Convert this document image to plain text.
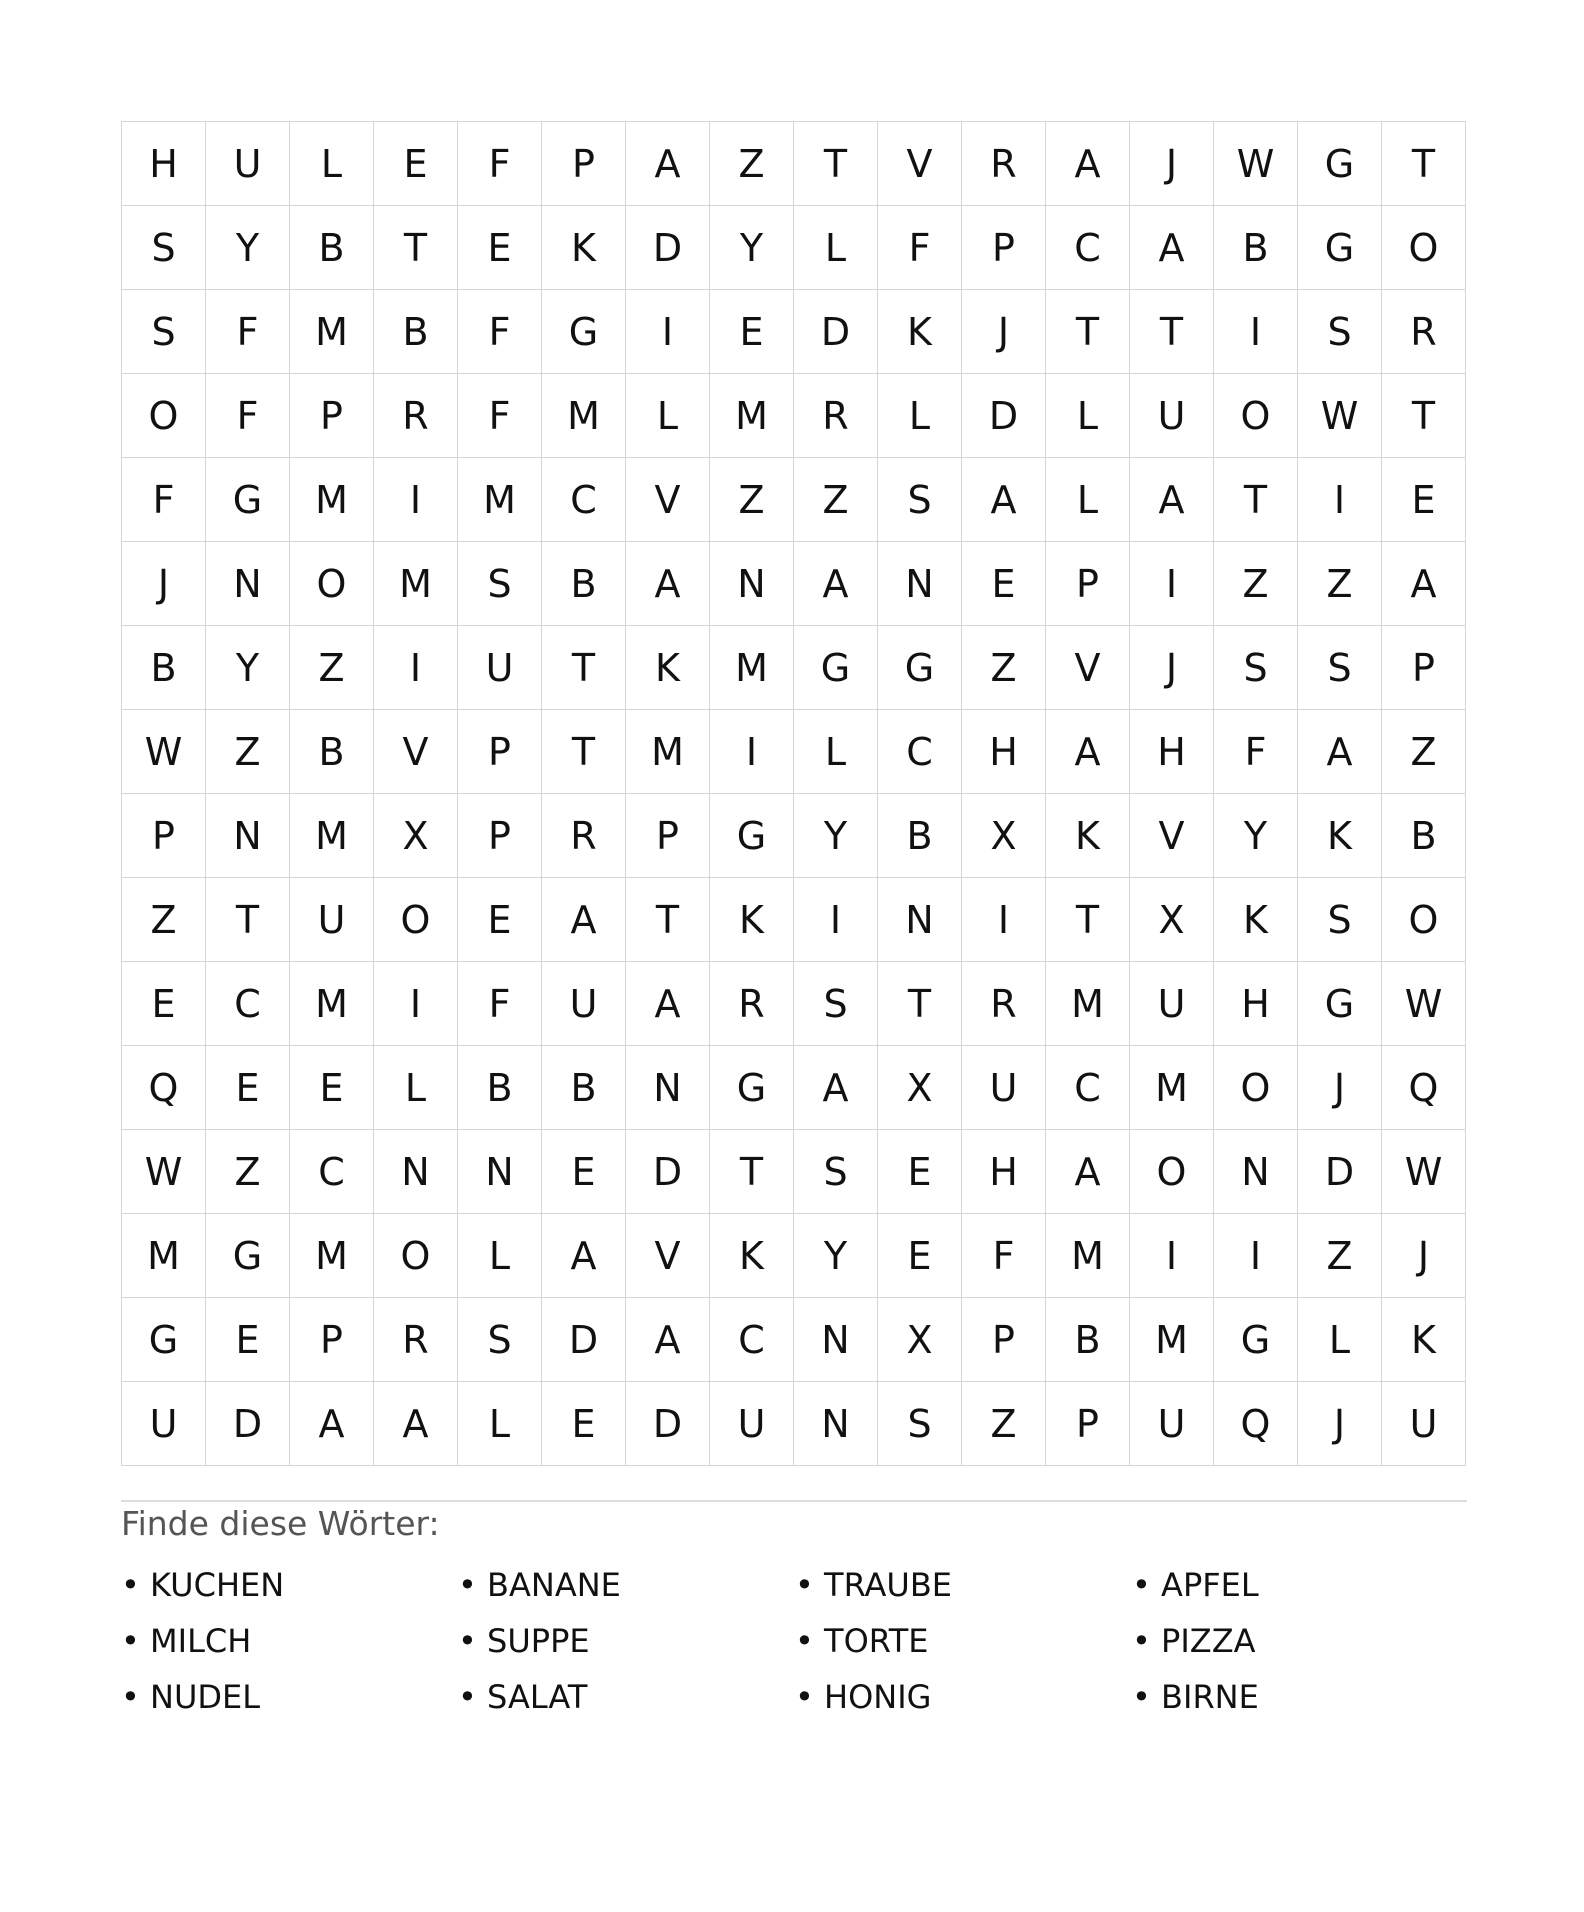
H	U	L	E	F	P	A	Z	T	V	R	A	J	W	G	T
S	Y	B	T	E	K	D	Y	L	F	P	C	A	B	G	O
S	F	M	B	F	G	I	E	D	K	J	T	T	I	S	R
O	F	P	R	F	M	L	M	R	L	D	L	U	O	W	T
F	G	M	I	M	C	V	Z	Z	S	A	L	A	T	I	E
J	N	O	M	S	B	A	N	A	N	E	P	I	Z	Z	A
B	Y	Z	I	U	T	K	M	G	G	Z	V	J	S	S	P
W	Z	B	V	P	T	M	I	L	C	H	A	H	F	A	Z
P	N	M	X	P	R	P	G	Y	B	X	K	V	Y	K	B
Z	T	U	O	E	A	T	K	I	N	I	T	X	K	S	O
E	C	M	I	F	U	A	R	S	T	R	M	U	H	G	W
Q	E	E	L	B	B	N	G	A	X	U	C	M	O	J	Q
W	Z	C	N	N	E	D	T	S	E	H	A	O	N	D	W
M	G	M	O	L	A	V	K	Y	E	F	M	I	I	Z	J
G	E	P	R	S	D	A	C	N	X	P	B	M	G	L	K
U	D	A	A	L	E	D	U	N	S	Z	P	U	Q	J	U
Finde diese Wörter:
• KUCHEN	• BANANE	• TRAUBE	• APFEL
• MILCH	• SUPPE	• TORTE	• PIZZA
• NUDEL	• SALAT	• HONIG	• BIRNE
